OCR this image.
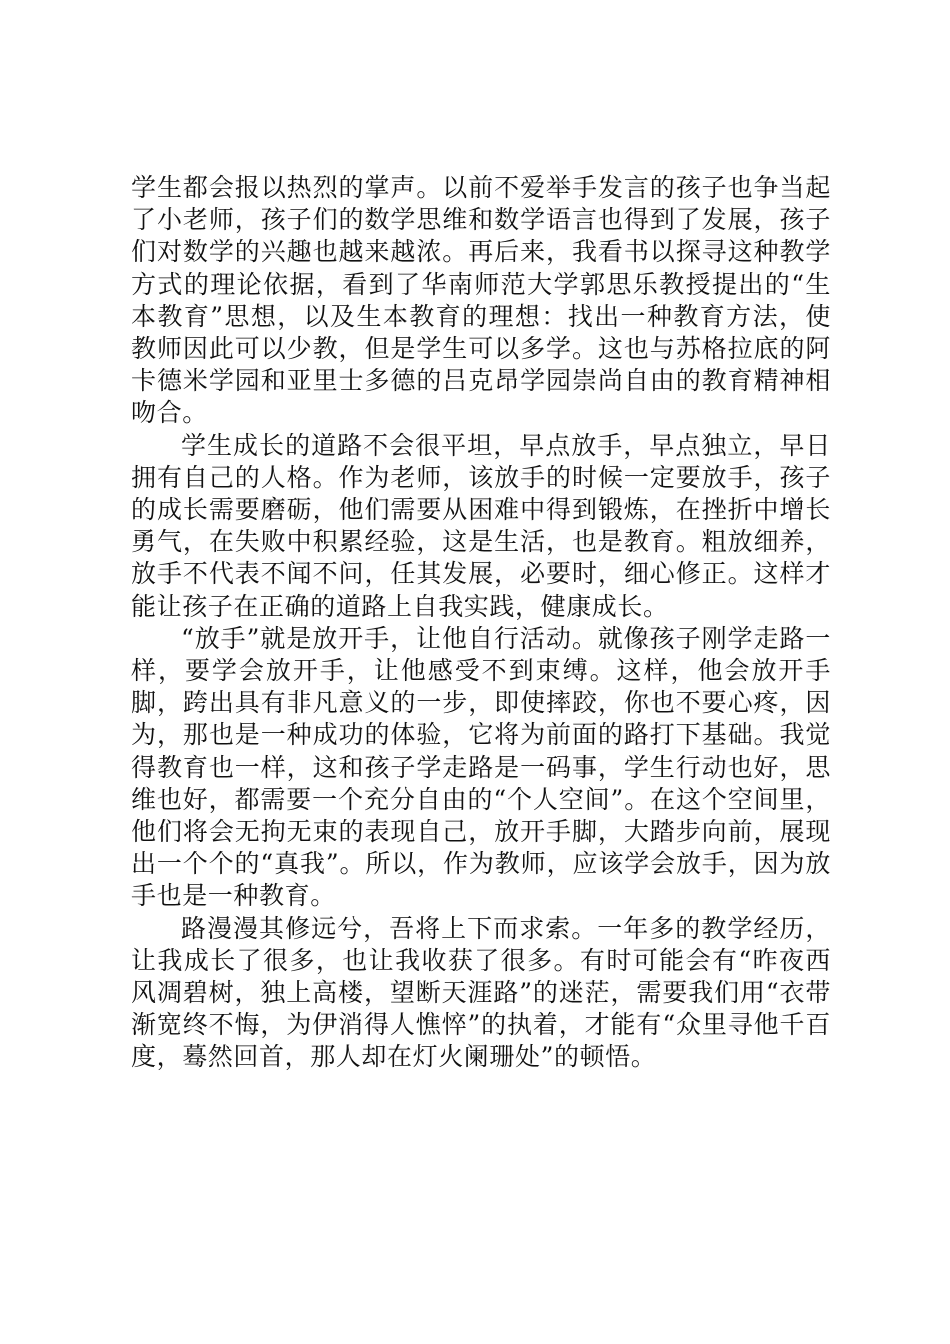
学生都会报以热烈的掌声。以前不爱举手发言的孩子也争当起了小老师，孩子们的数学思维和数学语言也得到了发展，孩子们对数学的兴趣也越来越浓。再后来，我看书以探寻这种教学方式的理论依据，看到了华南师范大学郭思乐教授提出的“生本教育”思想，以及生本教育的理想：找出一种教育方法，使教师因此可以少教，但是学生可以多学。这也与苏格拉底的阿卡德米学园和亚里士多德的吕克昂学园崇尚自由的教育精神相吻合。

学生成长的道路不会很平坦，早点放手，早点独立，早日拥有自己的人格。作为老师，该放手的时候一定要放手，孩子的成长需要磨砺，他们需要从困难中得到锻炼，在挫折中增长勇气，在失败中积累经验，这是生活，也是教育。粗放细养，放手不代表不闻不问，任其发展，必要时，细心修正。这样才能让孩子在正确的道路上自我实践，健康成长。

“放手”就是放开手，让他自行活动。就像孩子刚学走路一样，要学会放开手，让他感受不到束缚。这样，他会放开手脚，跨出具有非凡意义的一步，即使摔跤，你也不要心疼，因为，那也是一种成功的体验，它将为前面的路打下基础。我觉得教育也一样，这和孩子学走路是一码事，学生行动也好，思维也好，都需要一个充分自由的“个人空间”。在这个空间里，他们将会无拘无束的表现自己，放开手脚，大踏步向前，展现出一个个的“真我”。所以，作为教师，应该学会放手，因为放手也是一种教育。

路漫漫其修远兮，吾将上下而求索。一年多的教学经历，让我成长了很多，也让我收获了很多。有时可能会有“昨夜西风凋碧树，独上高楼，望断天涯路”的迷茫，需要我们用“衣带渐宽终不悔，为伊消得人憔悴”的执着，才能有“众里寻他千百度，蓦然回首，那人却在灯火阑珊处”的顿悟。
